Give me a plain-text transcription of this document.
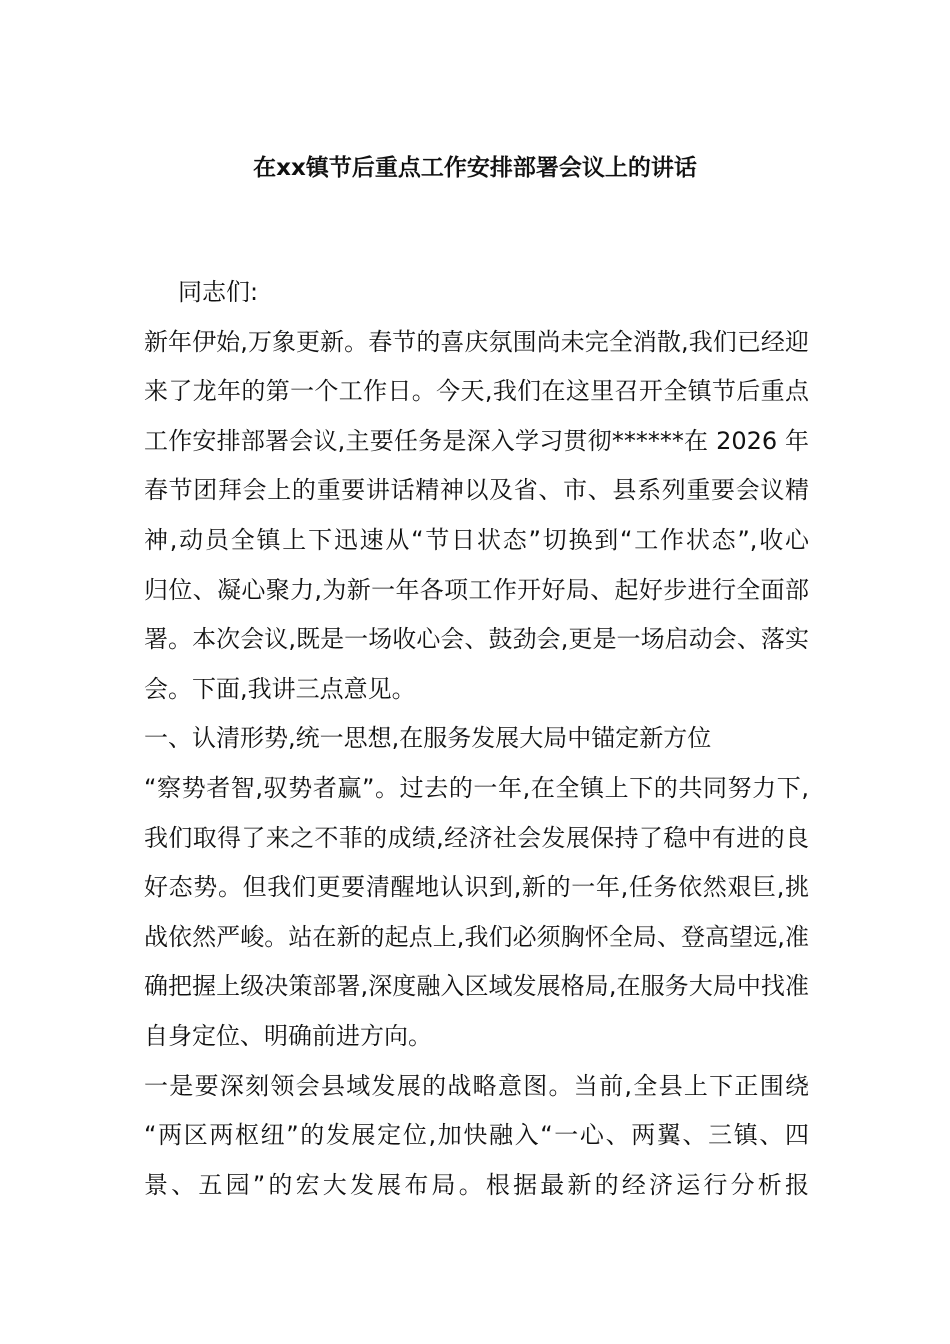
在xx镇节后重点工作安排部署会议上的讲话
同志们:
新年伊始,万象更新。春节的喜庆氛围尚未完全消散,我们已经迎
来了龙年的第一个工作日。今天,我们在这里召开全镇节后重点
工作安排部署会议,主要任务是深入学习贯彻******在 2026 年
春节团拜会上的重要讲话精神以及省、市、县系列重要会议精
神,动员全镇上下迅速从“节日状态”切换到“工作状态”,收心
归位、凝心聚力,为新一年各项工作开好局、起好步进行全面部
署。本次会议,既是一场收心会、鼓劲会,更是一场启动会、落实
会。下面,我讲三点意见。
一、认清形势,统一思想,在服务发展大局中锚定新方位
“察势者智,驭势者赢”。过去的一年,在全镇上下的共同努力下,
我们取得了来之不菲的成绩,经济社会发展保持了稳中有进的良
好态势。但我们更要清醒地认识到,新的一年,任务依然艰巨,挑
战依然严峻。站在新的起点上,我们必须胸怀全局、登高望远,准
确把握上级决策部署,深度融入区域发展格局,在服务大局中找准
自身定位、明确前进方向。
一是要深刻领会县域发展的战略意图。当前,全县上下正围绕
“两区两枢纽”的发展定位,加快融入“一心、两翼、三镇、四
景、五园”的宏大发展布局。根据最新的经济运行分析报
